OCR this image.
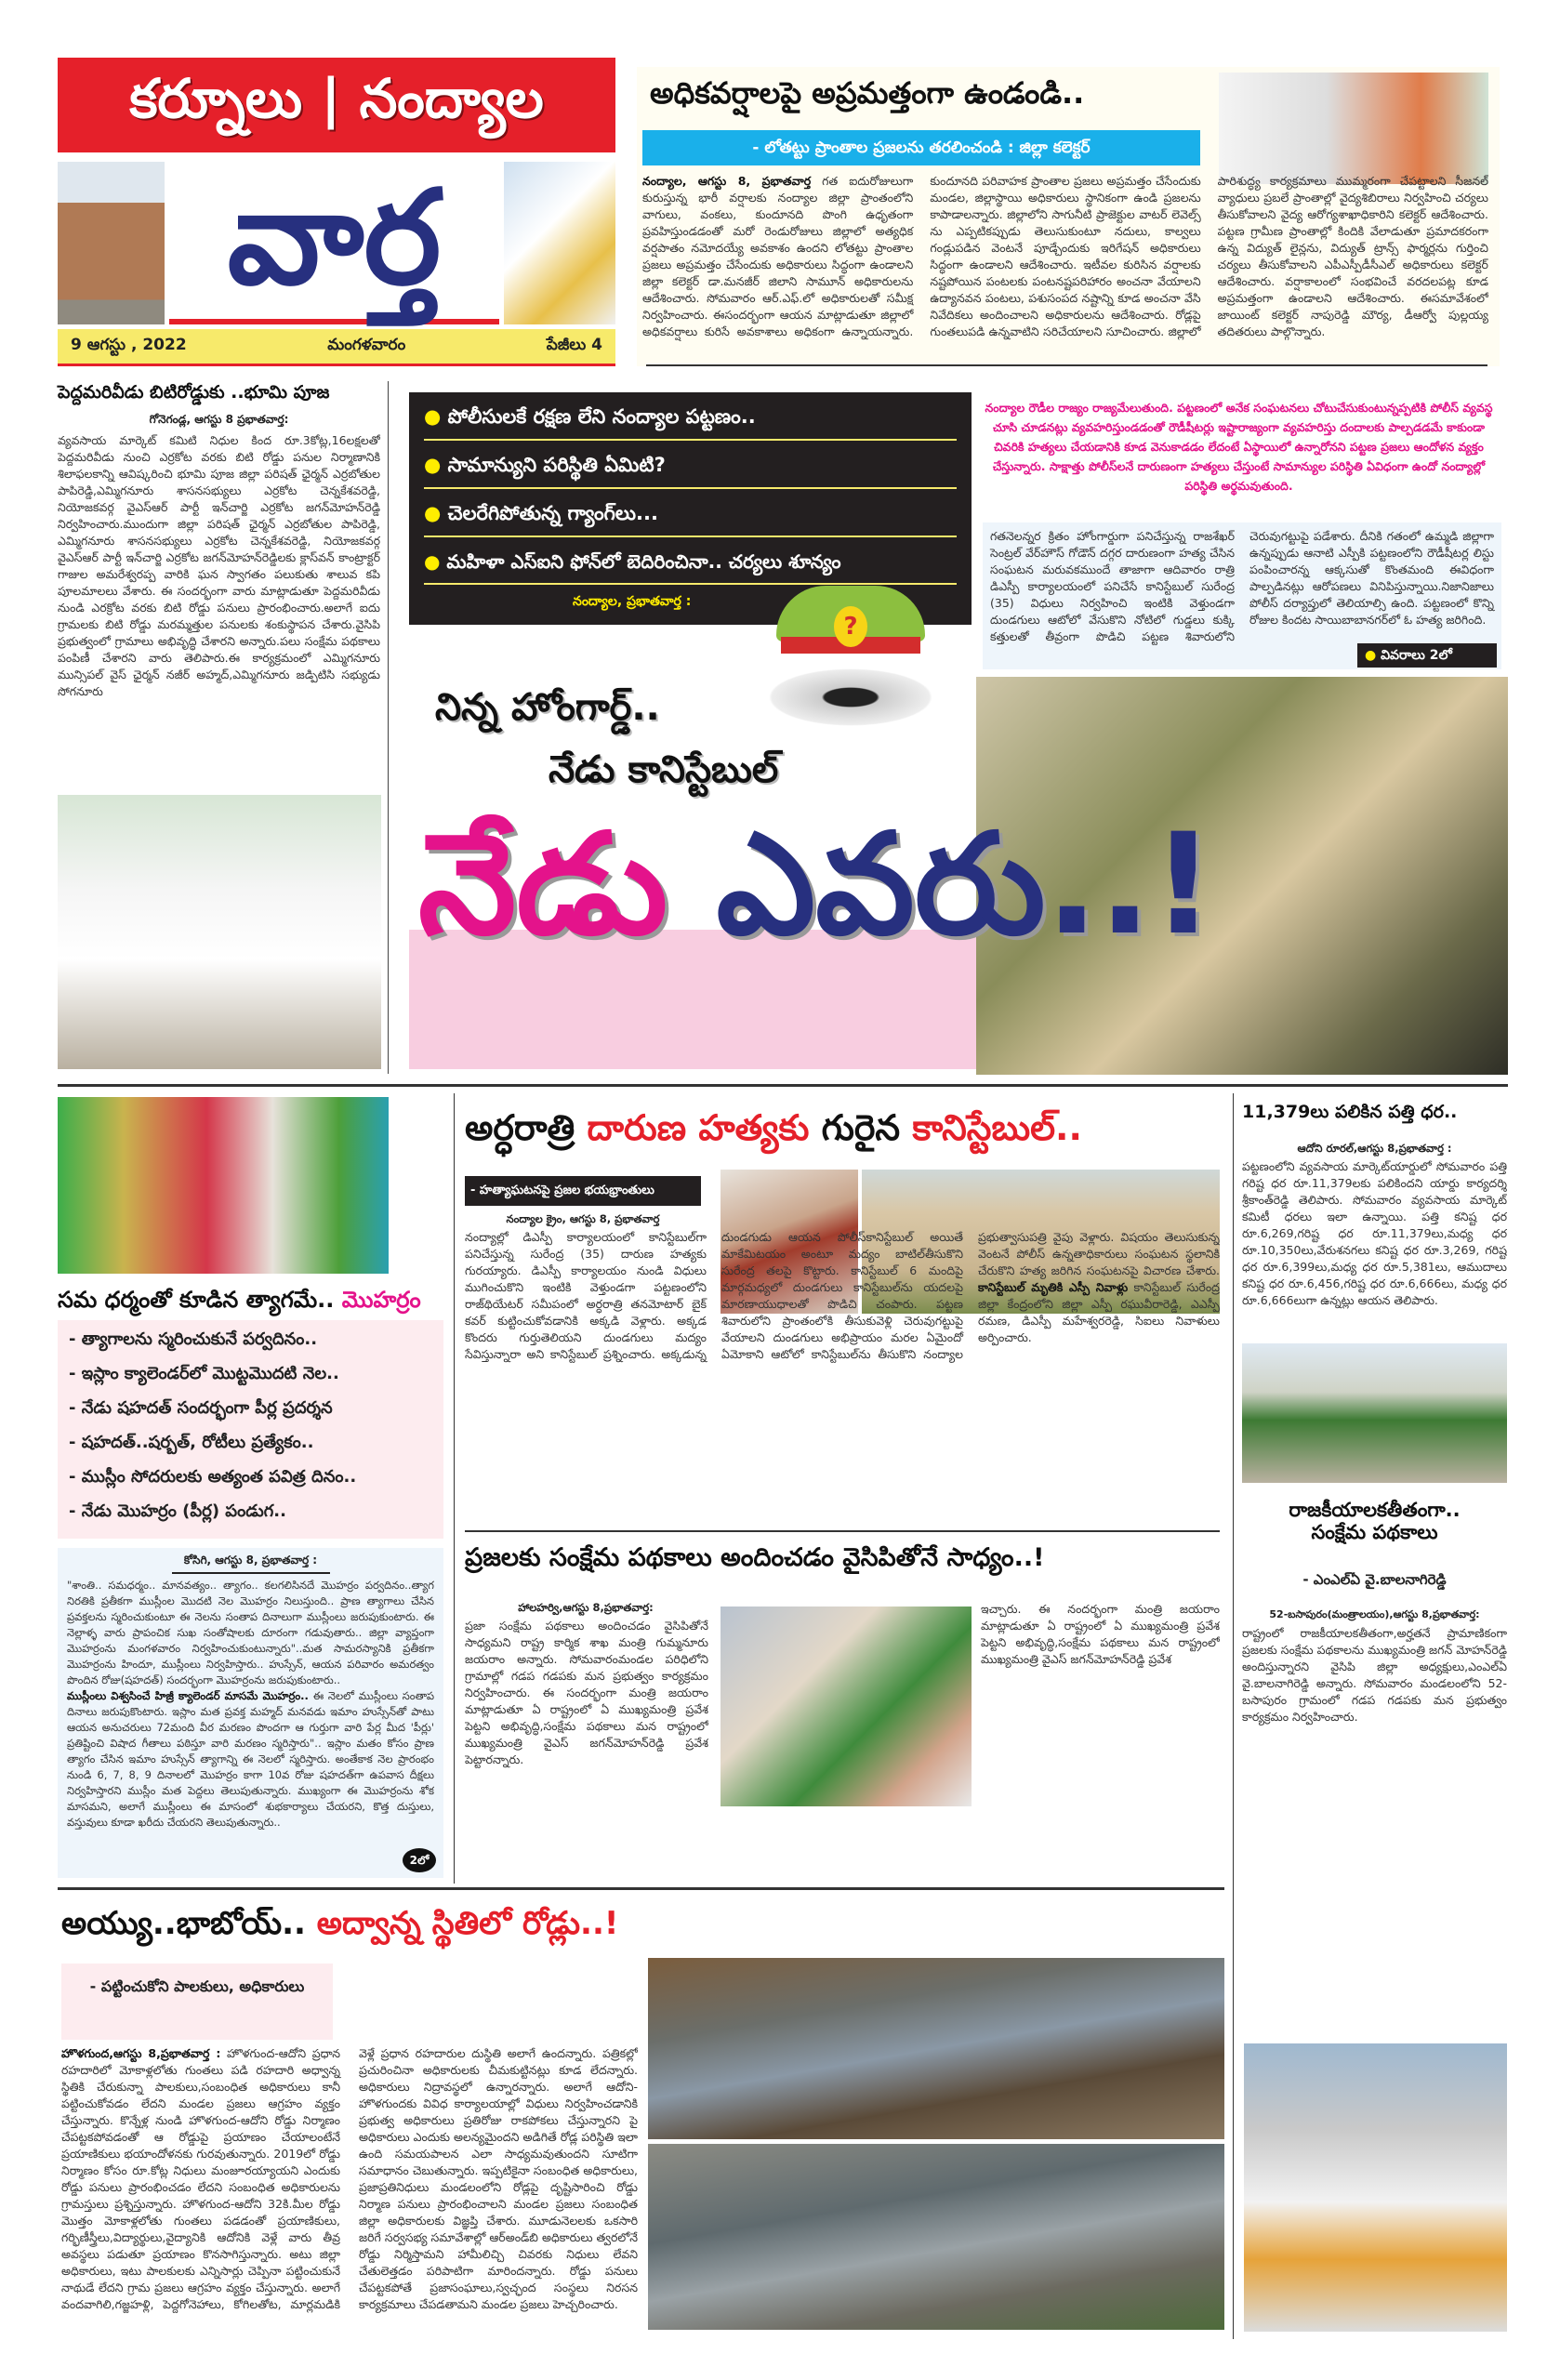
కర్నూలు | నంద్యాల
వార్త
9 ఆగస్టు , 2022	మంగళవారం	పేజీలు 4
అధికవర్షాలపై అప్రమత్తంగా ఉండండి..
- లోతట్టు ప్రాంతాల ప్రజలను తరలించండి : జిల్లా కలెక్టర్
నంద్యాల, ఆగస్టు 8, ప్రభాతవార్త గత ఐదురోజులుగా కురుస్తున్న భారీ వర్షాలకు నంద్యాల జిల్లా ప్రాంతంలోని వాగులు, వంకలు, కుందూనది పొంగి ఉధృతంగా ప్రవహిస్తుండడంతో మరో రెండురోజులు జిల్లాలో అత్యధిక వర్షపాతం నమోదయ్యే అవకాశం ఉందని లోతట్టు ప్రాంతాల ప్రజలు అప్రమత్తం చేసేందుకు అధికారులు సిద్ధంగా ఉండాలని జిల్లా కలెక్టర్ డా.మనజీర్ జిలాని సామూన్ అధికారులను ఆదేశించారు. సోమవారం ఆర్.ఎఫ్.లో అధికారులతో సమీక్ష నిర్వహించారు. ఈసందర్భంగా ఆయన మాట్లాడుతూ జిల్లాలో అధికవర్షాలు కురిసే అవకాశాలు అధికంగా ఉన్నాయన్నారు. కుందూనది పరివాహక ప్రాంతాల ప్రజలు అప్రమత్తం చేసేందుకు మండల, జిల్లాస్థాయి అధికారులు స్థానికంగా ఉండి ప్రజలను కాపాడాలన్నారు. జిల్లాలోని సాగునీటి ప్రాజెక్టుల వాటర్ లెవెల్స్ ను ఎప్పటికప్పుడు తెలుసుకుంటూ నదులు, కాల్వలు గండ్లుపడిన వెంటనే పూడ్చేందుకు ఇరిగేషన్ అధికారులు సిద్ధంగా ఉండాలని ఆదేశించారు. ఇటీవల కురిసిన వర్షాలకు నష్టపోయిన పంటలకు పంటనష్టపరిహారం అంచనా వేయాలని ఉద్యానవన పంటలు, పశుసంపద నష్టాన్ని కూడ అంచనా వేసి నివేదికలు అందించాలని అధికారులను ఆదేశించారు. రోడ్లపై గుంతలుపడి ఉన్నవాటిని సరిచేయాలని సూచించారు. జిల్లాలో పారిశుద్ధ్య కార్యక్రమాలు ముమ్మరంగా చేపట్టాలని సీజనల్ వ్యాధులు ప్రబలే ప్రాంతాల్లో వైద్యశిబిరాలు నిర్వహించి చర్యలు తీసుకోవాలని వైద్య ఆరోగ్యశాఖాధికారిని కలెక్టర్ ఆదేశించారు. పట్టణ గ్రామీణ ప్రాంతాల్లో కిందికి వేలాడుతూ ప్రమాదకరంగా ఉన్న విద్యుత్ లైన్లను, విద్యుత్ ట్రాన్స్ ఫార్మర్లను గుర్తించి చర్యలు తీసుకోవాలని ఎపీఎస్పీడీసీఎల్ అధికారులు కలెక్టర్ ఆదేశించారు. వర్షాకాలంలో సంభవించే వరదలపట్ల కూడ అప్రమత్తంగా ఉండాలని ఆదేశించారు. ఈసమావేశంలో జాయింట్ కలెక్టర్ నాపురెడ్డి మౌర్య, డీఆర్వో పుల్లయ్య తదితరులు పాల్గొన్నారు.
పెద్దమరివీడు బిటిరోడ్డుకు ..భూమి పూజ
గోనెగండ్ల, ఆగస్టు 8 ప్రభాతవార్త:
వ్యవసాయ మార్కెట్ కమిటి నిధుల కింద రూ.3కోట్ల,16లక్షలతో పెద్దమరివీడు నుంచి ఎర్రకోట వరకు బిటి రోడ్డు పనుల నిర్మాణానికి శిలాఫలకాన్ని ఆవిష్కరించి భూమి పూజ జిల్లా పరిషత్ ఛైర్మన్ ఎర్రబోతుల పాపిరెడ్డి,ఎమ్మిగనూరు శాసనసభ్యులు ఎర్రకోట చెన్నకేశవరెడ్డి, నియోజకవర్గ వైఎస్ఆర్ పార్టీ ఇన్‌చార్జి ఎర్రకోట జగన్‌మోహన్‌రెడ్డి నిర్వహించారు.ముందుగా జిల్లా పరిషత్ ఛైర్మన్ ఎర్రబోతుల పాపిరెడ్డి, ఎమ్మిగనూరు శాసనసభ్యులు ఎర్రకోట చెన్నకేశవరెడ్డి, నియోజకవర్గ వైఎస్ఆర్ పార్టీ ఇన్‌చార్జి ఎర్రకోట జగన్‌మోహన్‌రెడ్డిలకు క్లాస్‌వన్ కాంట్రాక్టర్ గాజుల అమరేశ్వరప్ప వారికి ఘన స్వాగతం పలుకుతు శాలువ కపి పూలమాలలు వేశారు. ఈ సందర్భంగా వారు మాట్లాడుతూ పెద్దమరివీడు నుండి ఎరక్రోట వరకు బిటి రోడ్డు పనులు ప్రారంభించారు.అలాగే ఐదు గ్రామలకు బిటి రోడ్డు మరమ్మత్తుల పనులకు శంకుస్థాపన చేశారు.వైసిపి ప్రభుత్వంలో గ్రామాలు అభివృద్ధి చేశారని అన్నారు.పలు సంక్షేమ పథకాలు పంపిణీ చేశారని వారు తెలిపారు.ఈ కార్యక్రమంలో ఎమ్మిగనూరు మున్సిపల్ వైస్ ఛైర్మన్ నజీర్ అహ్మద్,ఎమ్మిగనూరు జడ్పిటిసి సభ్యుడు సోగనూరు
● పోలీసులకే రక్షణ లేని నంద్యాల పట్టణం..
● సామాన్యుని పరిస్థితి ఏమిటి?
● చెలరేగిపోతున్న గ్యాంగ్‌లు...
● మహిళా ఎస్ఐని ఫోన్‌లో బెదిరించినా.. చర్యలు శూన్యం
నంద్యాల, ప్రభాతవార్త :
?
నంద్యాల రౌడీల రాజ్యం రాజ్యమేలుతుంది. పట్టణంలో అనేక సంఘటనలు చోటుచేసుకుంటున్నప్పటికి పోలీస్ వ్యవస్థ చూసి చూడనట్లు వ్యవహరిస్తుండడంతో రౌడీషీటర్లు ఇష్టారాజ్యంగా వ్యవహరిస్తు దందాలకు పాల్పడడమే కాకుండా చివరికి హత్యలు చేయడానికి కూడ వెనుకాడడం లేదంటే ఏస్థాయిలో ఉన్నారోనని పట్టణ ప్రజలు ఆందోళన వ్యక్తం చేస్తున్నారు. సాక్షాత్తు పోలీస్‌లనే దారుణంగా హత్యలు చేస్తుంటే సామాన్యుల పరిస్థితి ఏవిధంగా ఉందో నంద్యాల్లో పరిస్థితి అర్థమవుతుంది.
గతనెలన్నర క్రితం హోంగార్డుగా పనిచేస్తున్న రాజశేఖర్ సెంట్రల్ వేర్‌హౌస్ గోడౌన్ దగ్గర దారుణంగా హత్య చేసిన సంఘటన మరువకముందే తాజాగా ఆదివారం రాత్రి డిఎస్పీ కార్యాలయంలో పనిచేసే కానిస్టేబుల్ సురేంద్ర (35) విధులు నిర్వహించి ఇంటికి వెళ్తుండగా దుండగులు ఆటోలో వేసుకొని నోటిలో గుడ్డలు కుక్కి కత్తులతో తీవ్రంగా పొడిచి పట్టణ శివారులోని చెరువుగట్టుపై పడేశారు. దీనికి గతంలో ఉమ్మడి జిల్లాగా ఉన్నప్పుడు ఆనాటి ఎస్పీకి పట్టణంలోని రౌడీషీటర్ల లిస్టు పంపించారన్న ఆక్కసుతో కొంతమంది ఈవిధంగా పాల్పడినట్లు ఆరోపణలు వినిపిస్తున్నాయి.నిజానిజాలు పోలీస్ దర్యాప్తులో తెలియాల్సి ఉంది. పట్టణంలో కొన్ని రోజుల కిందట సాయిబాబానగర్‌లో ఓ హత్య జరిగింది.
● వివరాలు 2లో
నిన్న హోంగార్డ్..
నేడు కానిస్టేబుల్
నేడు ఎవరు..!
సమ ధర్మంతో కూడిన త్యాగమే.. మొహర్రం
- త్యాగాలను స్మరించుకునే పర్వదినం..
- ఇస్లాం క్యాలెండర్‌లో మొట్టమొదటి నెల..
- నేడు షహదత్ సందర్భంగా పీర్ల ప్రదర్శన
- షహదత్..షర్బత్, రోటీలు ప్రత్యేకం..
- ముస్లీం సోదరులకు అత్యంత పవిత్ర దినం..
- నేడు మొహర్రం (పీర్ల) పండుగ..
కోసిగి, ఆగస్టు 8, ప్రభాతవార్త :
"శాంతి.. సమధర్మం.. మానవత్యం.. త్యాగం.. కలగలిసినదే మొహర్రం పర్వదినం..త్యాగ నిరతికి ప్రతీకగా ముస్లీంల మొదటి నెల మొహర్రం నిలుస్తుంది.. ప్రాణ త్యాగాలు చేసిన ప్రవక్తలను స్మరించుకుంటూ ఈ నెలను సంతాప దినాలుగా ముస్లీంలు జరుపుకుంటారు. ఈ నెల్లాళ్ళ వారు ప్రాపంచిక సుఖ సంతోషాలకు దూరంగా గడువుతారు.. జిల్లా వ్యాప్తంగా మొహర్రంను మంగళవారం నిర్వహించుకుంటున్నారు"..మత సామరస్యానికి ప్రతీకగా మొహర్రంను హిందూ, ముస్లీంలు నిర్వహిస్తారు.. హుస్సేన్, ఆయన పరివారం అమరత్వం పొందిన రోజు(షహదత్) సందర్భంగా మొహర్రంను జరుపుకుంటారు..
ముస్లీంలు విశ్వసించే హిజ్రీ క్యాలెండర్ మాసమే మొహర్రం.. ఈ నెలలో ముస్లీంలు సంతాప దినాలు జరుపుకొంటారు. ఇస్లాం మత ప్రవక్త మహ్మద్ మనవడు ఇమాం హుస్సేన్‌తో పాటు ఆయన అనుచరులు 72మంది వీర మరణం పొందగా ఆ గుర్తుగా వారి పేర్ల మీద 'పీర్లు' ప్రతిష్టించి విషాద గీతాలు పఠిస్తూ వారి మరణం స్మరిస్తారు".. ఇస్లాం మతం కోసం ప్రాణ త్యాగం చేసిన ఇమాం హుస్సేన్ త్యాగాన్ని ఈ నెలలో స్మరిస్తారు. అంతేకాక నెల ప్రారంభం నుండి 6, 7, 8, 9 దినాలలో మొహర్రం కాగా 10వ రోజు షహదత్‌గా ఉపవాస దీక్షలు నిర్వహిస్తారని ముస్లీం మత పెద్దలు తెలుపుతున్నారు. ముఖ్యంగా ఈ మొహర్రంను శోక మాసమని, అలాగే ముస్లీంలు ఈ మాసంలో శుభకార్యాలు చేయరని, కొత్త దుస్తులు, వస్తువులు కూడా ఖరీదు చేయరని తెలుపుతున్నారు..
2లో
అర్ధరాత్రి దారుణ హత్యకు గురైన కానిస్టేబుల్..
- హత్యాఘటనపై ప్రజల భయభ్రాంతులు
నంద్యాల క్రైం, ఆగస్టు 8, ప్రభాతవార్త
నంద్యాల్లో డిఎస్పీ కార్యాలయంలో కానిస్టేబుల్‌గా పనిచేస్తున్న సురేంద్ర (35) దారుణ హత్యకు గురయ్యారు. డిఎస్పీ కార్యాలయం నుండి విధులు ముగించుకొని ఇంటికి వెళ్తుండగా పట్టణంలోని రాజ్‌థియేటర్ సమీపంలో అర్ధరాత్రి తనమోటార్ బైక్ కవర్ కుట్టించుకోవడానికి అక్కడి వెళ్లారు. అక్కడ కొందరు గుర్తుతెలియని దుండగులు మద్యం సేవిస్తున్నారా అని కానిస్టేబుల్ ప్రశ్నించారు. అక్కడున్న దుండగుడు ఆయన పోలీస్‌కానిస్టేబుల్ అయితే మాకేమిటయం అంటూ మద్యం బాటిల్‌తీసుకొని సురేంద్ర తలపై కొట్టారు. కానిస్టేబుల్ 6 మందిపై మార్గమధ్యలో దుండగులు కానిస్టేబుల్‌ను యదలపై మారణాయుధాలతో పొడిచి చంపారు. పట్టణ శివారులోని ప్రాంతంలోకి తీసుకువెళ్లి చెరువుగట్టుపై వేయాలని దుండగులు అభిప్రాయం మరల ఏమైందో ఏమోకాని ఆటోలో కానిస్టేబుల్‌ను తీసుకొని నంద్యాల ప్రభుత్వాసుపత్రి వైపు వెళ్లారు. విషయం తెలుసుకున్న వెంటనే పోలీస్ ఉన్నతాధికారులు సంఘటన స్థలానికి చేరుకొని హత్య జరిగిన సంఘటనపై విచారణ చేశారు. కానిస్టేబుల్ మృతికి ఎస్పీ నివాళ్లు కానిస్టేబుల్ సురేంద్ర జిల్లా కేంద్రంలోని జిల్లా ఎస్పీ రఘువీరారెడ్డి, ఎఎస్పీ రమణ, డిఎస్పీ మహేశ్వరరెడ్డి, సిఐలు నివాళులు అర్పించారు.
ప్రజలకు సంక్షేమ పథకాలు అందించడం వైసిపితోనే సాధ్యం..!
హాలహర్వి,ఆగస్టు 8,ప్రభాతవార్త:
ప్రజా సంక్షేమ పథకాలు అందించడం వైసిపితోనే సాధ్యమని రాష్ట్ర కార్మిక శాఖ మంత్రి గుమ్మనూరు జయరాం అన్నారు. సోమవారంమండల పరిధిలోని గ్రామాల్లో గడప గడపకు మన ప్రభుత్వం కార్యక్రమం నిర్వహించారు. ఈ సందర్భంగా మంత్రి జయరాం మాట్లాడుతూ ఏ రాష్ట్రంలో ఏ ముఖ్యమంత్రి ప్రవేశ పెట్టని అభివృద్ధి,సంక్షేమ పథకాలు మన రాష్ట్రంలో ముఖ్యమంత్రి వైఎస్ జగన్‌మోహన్‌రెడ్డి ప్రవేశ పెట్టారన్నారు.
ఇచ్చారు. ఈ నందర్భంగా మంత్రి జయరాం మాట్లాడుతూ ఏ రాష్ట్రంలో ఏ ముఖ్యమంత్రి ప్రవేశ పెట్టని అభివృద్ధి,సంక్షేమ పథకాలు మన రాష్ట్రంలో ముఖ్యమంత్రి వైఎస్ జగన్‌మోహన్‌రెడ్డి ప్రవేశ
11,379లు పలికిన పత్తి ధర..
ఆదోని రూరల్,ఆగస్టు 8,ప్రభాతవార్త :
పట్టణంలోని వ్యవసాయ మార్కెట్‌యార్డులో సోమవారం పత్తి గరిష్ట ధర రూ.11,379లకు పలికిందని యార్డు కార్యదర్శి శ్రీకాంత్‌రెడ్డి తెలిపారు. సోమవారం వ్యవసాయ మార్కెట్ కమిటీ ధరలు ఇలా ఉన్నాయి. పత్తి కనిష్ట ధర రూ.6,269,గరిష్ట ధర రూ.11,379లు,మధ్య ధర రూ.10,350లు,వేరుశనగలు కనిష్ట ధర రూ.3,269, గరిష్ట ధర రూ.6,399లు,మధ్య ధర రూ.5,381లు, ఆముదాలు కనిష్ట ధర రూ.6,456,గరిష్ట ధర రూ.6,666లు, మధ్య ధర రూ.6,666లుగా ఉన్నట్లు ఆయన తెలిపారు.
రాజకీయాలకతీతంగా..
సంక్షేమ పథకాలు
- ఎంఎల్ఏ వై.బాలనాగిరెడ్డి
52-బసాపురం(మంత్రాలయం),ఆగస్టు 8,ప్రభాతవార్త:
రాష్ట్రంలో రాజకీయాలకతీతంగా,అర్హతనే ప్రామాణికంగా ప్రజలకు సంక్షేమ పథకాలను ముఖ్యమంత్రి జగన్ మోహన్‌రెడ్డి అందిస్తున్నారని వైసిపి జిల్లా అధ్యక్షులు,ఎంఎల్ఏ వై.బాలనాగిరెడ్డి అన్నారు. సోమవారం మండలంలోని 52-బసాపురం గ్రామంలో గడప గడపకు మన ప్రభుత్వం కార్యక్రమం నిర్వహించారు.
అయ్యు..భాబోయ్.. అద్వాన్న స్థితిలో రోడ్లు..!
- పట్టించుకోని పాలకులు, అధికారులు
హొళగుంద,ఆగస్టు 8,ప్రభాతవార్త : హొళగుంద-ఆదోని ప్రధాన రహదారిలో మోకాళ్లలోతు గుంతలు పడి రహదారి అధ్వాన్న స్థితికి చేరుకున్నా పాలకులు,సంబంధిత అధికారులు కానీ పట్టించుకోవడం లేదని మండల ప్రజలు ఆగ్రహం వ్యక్తం చేస్తున్నారు. కొన్నేళ్ల నుండి హొళగుంద-ఆదోని రోడ్డు నిర్మాణం చేపట్టకపోవడంతో ఆ రోడ్డుపై ప్రయాణం చేయాలంటేనే ప్రయాణికులు భయాందోళనకు గురవుతున్నారు. 2019లో రోడ్డు నిర్మాణం కోసం రూ.కోట్ల నిధులు మంజూరయ్యాయని ఎందుకు రోడ్డు పనులు ప్రారంభించడం లేదని సంబంధిత అధికారులను గ్రామస్తులు ప్రశ్నిస్తున్నారు. హొళగుంద-ఆదోని 32కి.మీల రోడ్డు మొత్తం మోకాళ్లలోతు గుంతలు పడడంతో ప్రయాణికులు, గర్భిణీస్త్రీలు,విద్యార్థులు,వైద్యానికి ఆదోనికి వెళ్లే వారు తీవ్ర అవస్థలు పడుతూ ప్రయాణం కొనసాగిస్తున్నారు. అటు జిల్లా అధికారులు, ఇటు పాలకులకు ఎన్నిసార్లు చెప్పినా పట్టించుకునే నాథుడే లేదని గ్రామ ప్రజలు ఆగ్రహం వ్యక్తం చేస్తున్నారు. అలాగే వందవాగిలి,గజ్జహళ్లి, పెద్దగోనెహాలు, కోగిలతోట, మార్లమడికి వెళ్లే ప్రధాన రహదారుల దుస్థితి అలాగే ఉందన్నారు. పత్రికల్లో ప్రచురించినా అధికారులకు చీమకుట్టినట్లు కూడ లేదన్నారు. అధికారులు నిద్రావస్థలో ఉన్నారన్నారు. అలాగే ఆదోని-హొళగుందకు వివిధ కార్యాలయాల్లో విధులు నిర్వహించడానికి ప్రభుత్వ అధికారులు ప్రతిరోజు రాకపోకలు చేస్తున్నారని పై అధికారులు ఎందుకు అలన్యమైందని అడిగితే రోడ్ల పరిస్థితి ఇలా ఉంది సమయపాలన ఎలా సాధ్యమవుతుందని సూటిగా సమాధానం చెబుతున్నారు. ఇప్పటికైనా సంబంధిత అధికారులు, ప్రజాప్రతినిధులు మండలంలోని రోడ్లపై దృష్టిసారించి రోడ్డు నిర్మాణ పనులు ప్రారంభించాలని మండల ప్రజలు సంబంధిత జిల్లా అధికారులకు విజ్ఞప్తి చేశారు. మూడునెలలకు ఒకసారి జరిగే సర్వసభ్య సమావేశాల్లో ఆర్అండ్‌బి అధికారులు త్వరలోనే రోడ్డు నిర్మిస్తామని హామీలిచ్చి చివరకు నిధులు లేవని చేతులెత్తడం పరిపాటిగా మారిందన్నారు. రోడ్డు పనులు చేపట్టకపోతే ప్రజాసంఘాలు,స్వచ్ఛంద సంస్థలు నిరసన కార్యక్రమాలు చేపడతామని మండల ప్రజలు హెచ్చరించారు.
